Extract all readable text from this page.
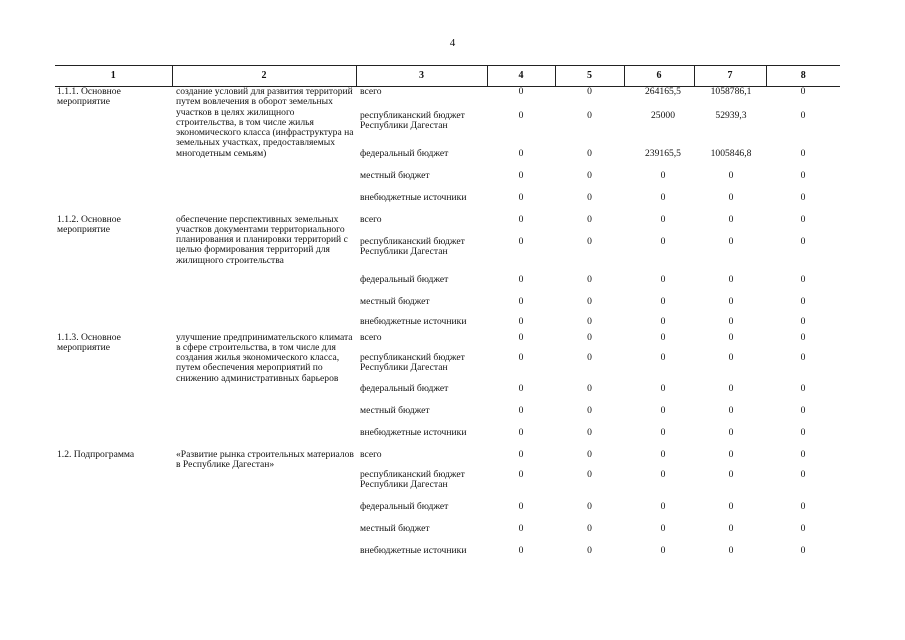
4
1	2	3	4	5	6	7	8
1.1.1. Основное мероприятие	создание условий для развития территорий путем вовлечения в оборот земельных участков в целях жилищного строительства, в том числе жилья экономического класса (инфраструктура на земельных участках, предоставляемых многодетным семьям)	всего	0	0	264165,5	1058786,1	0
		республиканский бюджет Республики Дагестан	0	0	25000	52939,3	0
		федеральный бюджет	0	0	239165,5	1005846,8	0
		местный бюджет	0	0	0	0	0
		внебюджетные источники	0	0	0	0	0
1.1.2. Основное мероприятие	обеспечение перспективных земельных участков документами территориального планирования и планировки территорий с целью формирования территорий для жилищного строительства	всего	0	0	0	0	0
		республиканский бюджет Республики Дагестан	0	0	0	0	0
		федеральный бюджет	0	0	0	0	0
		местный бюджет	0	0	0	0	0
		внебюджетные источники	0	0	0	0	0
1.1.3. Основное мероприятие	улучшение предпринимательского климата в сфере строительства, в том числе для создания жилья экономического класса, путем обеспечения мероприятий по снижению административных барьеров	всего	0	0	0	0	0
		республиканский бюджет Республики Дагестан	0	0	0	0	0
		федеральный бюджет	0	0	0	0	0
		местный бюджет	0	0	0	0	0
		внебюджетные источники	0	0	0	0	0
1.2. Подпрограмма	«Развитие рынка строительных материалов в Республике Дагестан»	всего	0	0	0	0	0
		республиканский бюджет Республики Дагестан	0	0	0	0	0
		федеральный бюджет	0	0	0	0	0
		местный бюджет	0	0	0	0	0
		внебюджетные источники	0	0	0	0	0
